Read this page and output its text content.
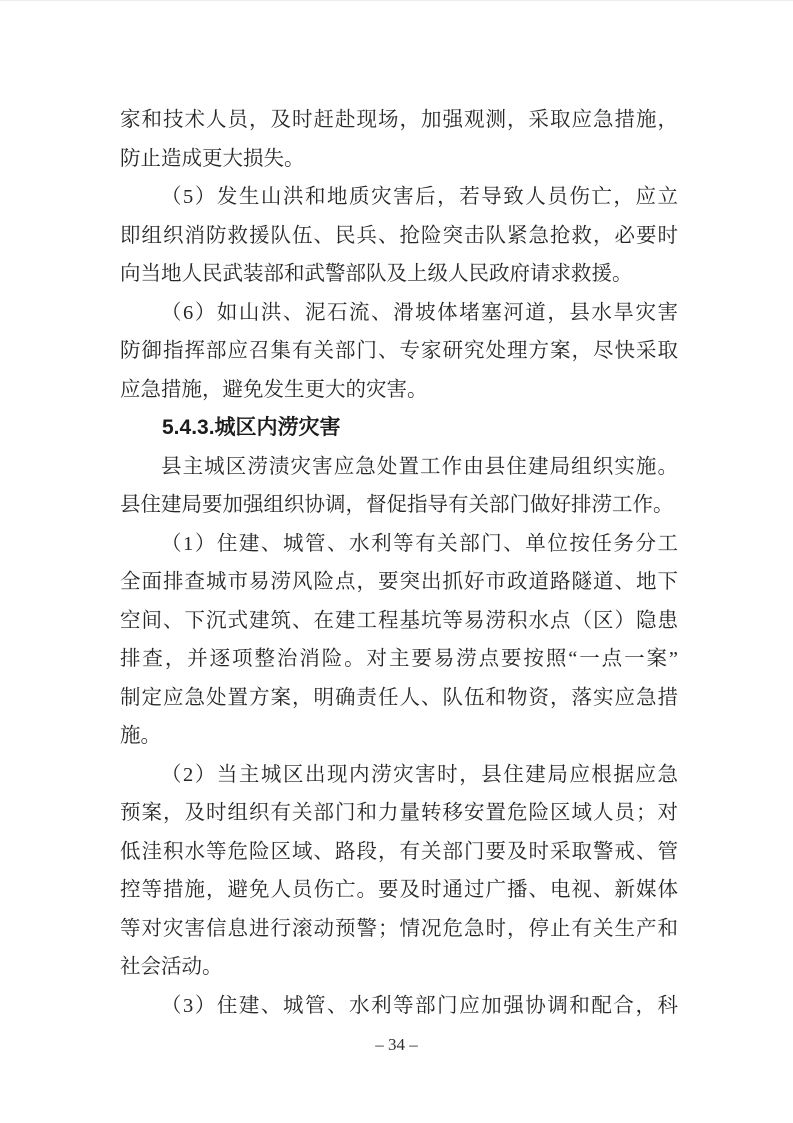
家和技术人员，及时赶赴现场，加强观测，采取应急措施，
防止造成更大损失。
（5）发生山洪和地质灾害后，若导致人员伤亡，应立
即组织消防救援队伍、民兵、抢险突击队紧急抢救，必要时
向当地人民武装部和武警部队及上级人民政府请求救援。
（6）如山洪、泥石流、滑坡体堵塞河道，县水旱灾害
防御指挥部应召集有关部门、专家研究处理方案，尽快采取
应急措施，避免发生更大的灾害。
5.4.3.城区内涝灾害
县主城区涝渍灾害应急处置工作由县住建局组织实施。
县住建局要加强组织协调，督促指导有关部门做好排涝工作。
（1）住建、城管、水利等有关部门、单位按任务分工
全面排查城市易涝风险点，要突出抓好市政道路隧道、地下
空间、下沉式建筑、在建工程基坑等易涝积水点（区）隐患
排查，并逐项整治消险。对主要易涝点要按照“一点一案”
制定应急处置方案，明确责任人、队伍和物资，落实应急措
施。
（2）当主城区出现内涝灾害时，县住建局应根据应急
预案，及时组织有关部门和力量转移安置危险区域人员；对
低洼积水等危险区域、路段，有关部门要及时采取警戒、管
控等措施，避免人员伤亡。要及时通过广播、电视、新媒体
等对灾害信息进行滚动预警；情况危急时，停止有关生产和
社会活动。
（3）住建、城管、水利等部门应加强协调和配合，科
– 34 –
